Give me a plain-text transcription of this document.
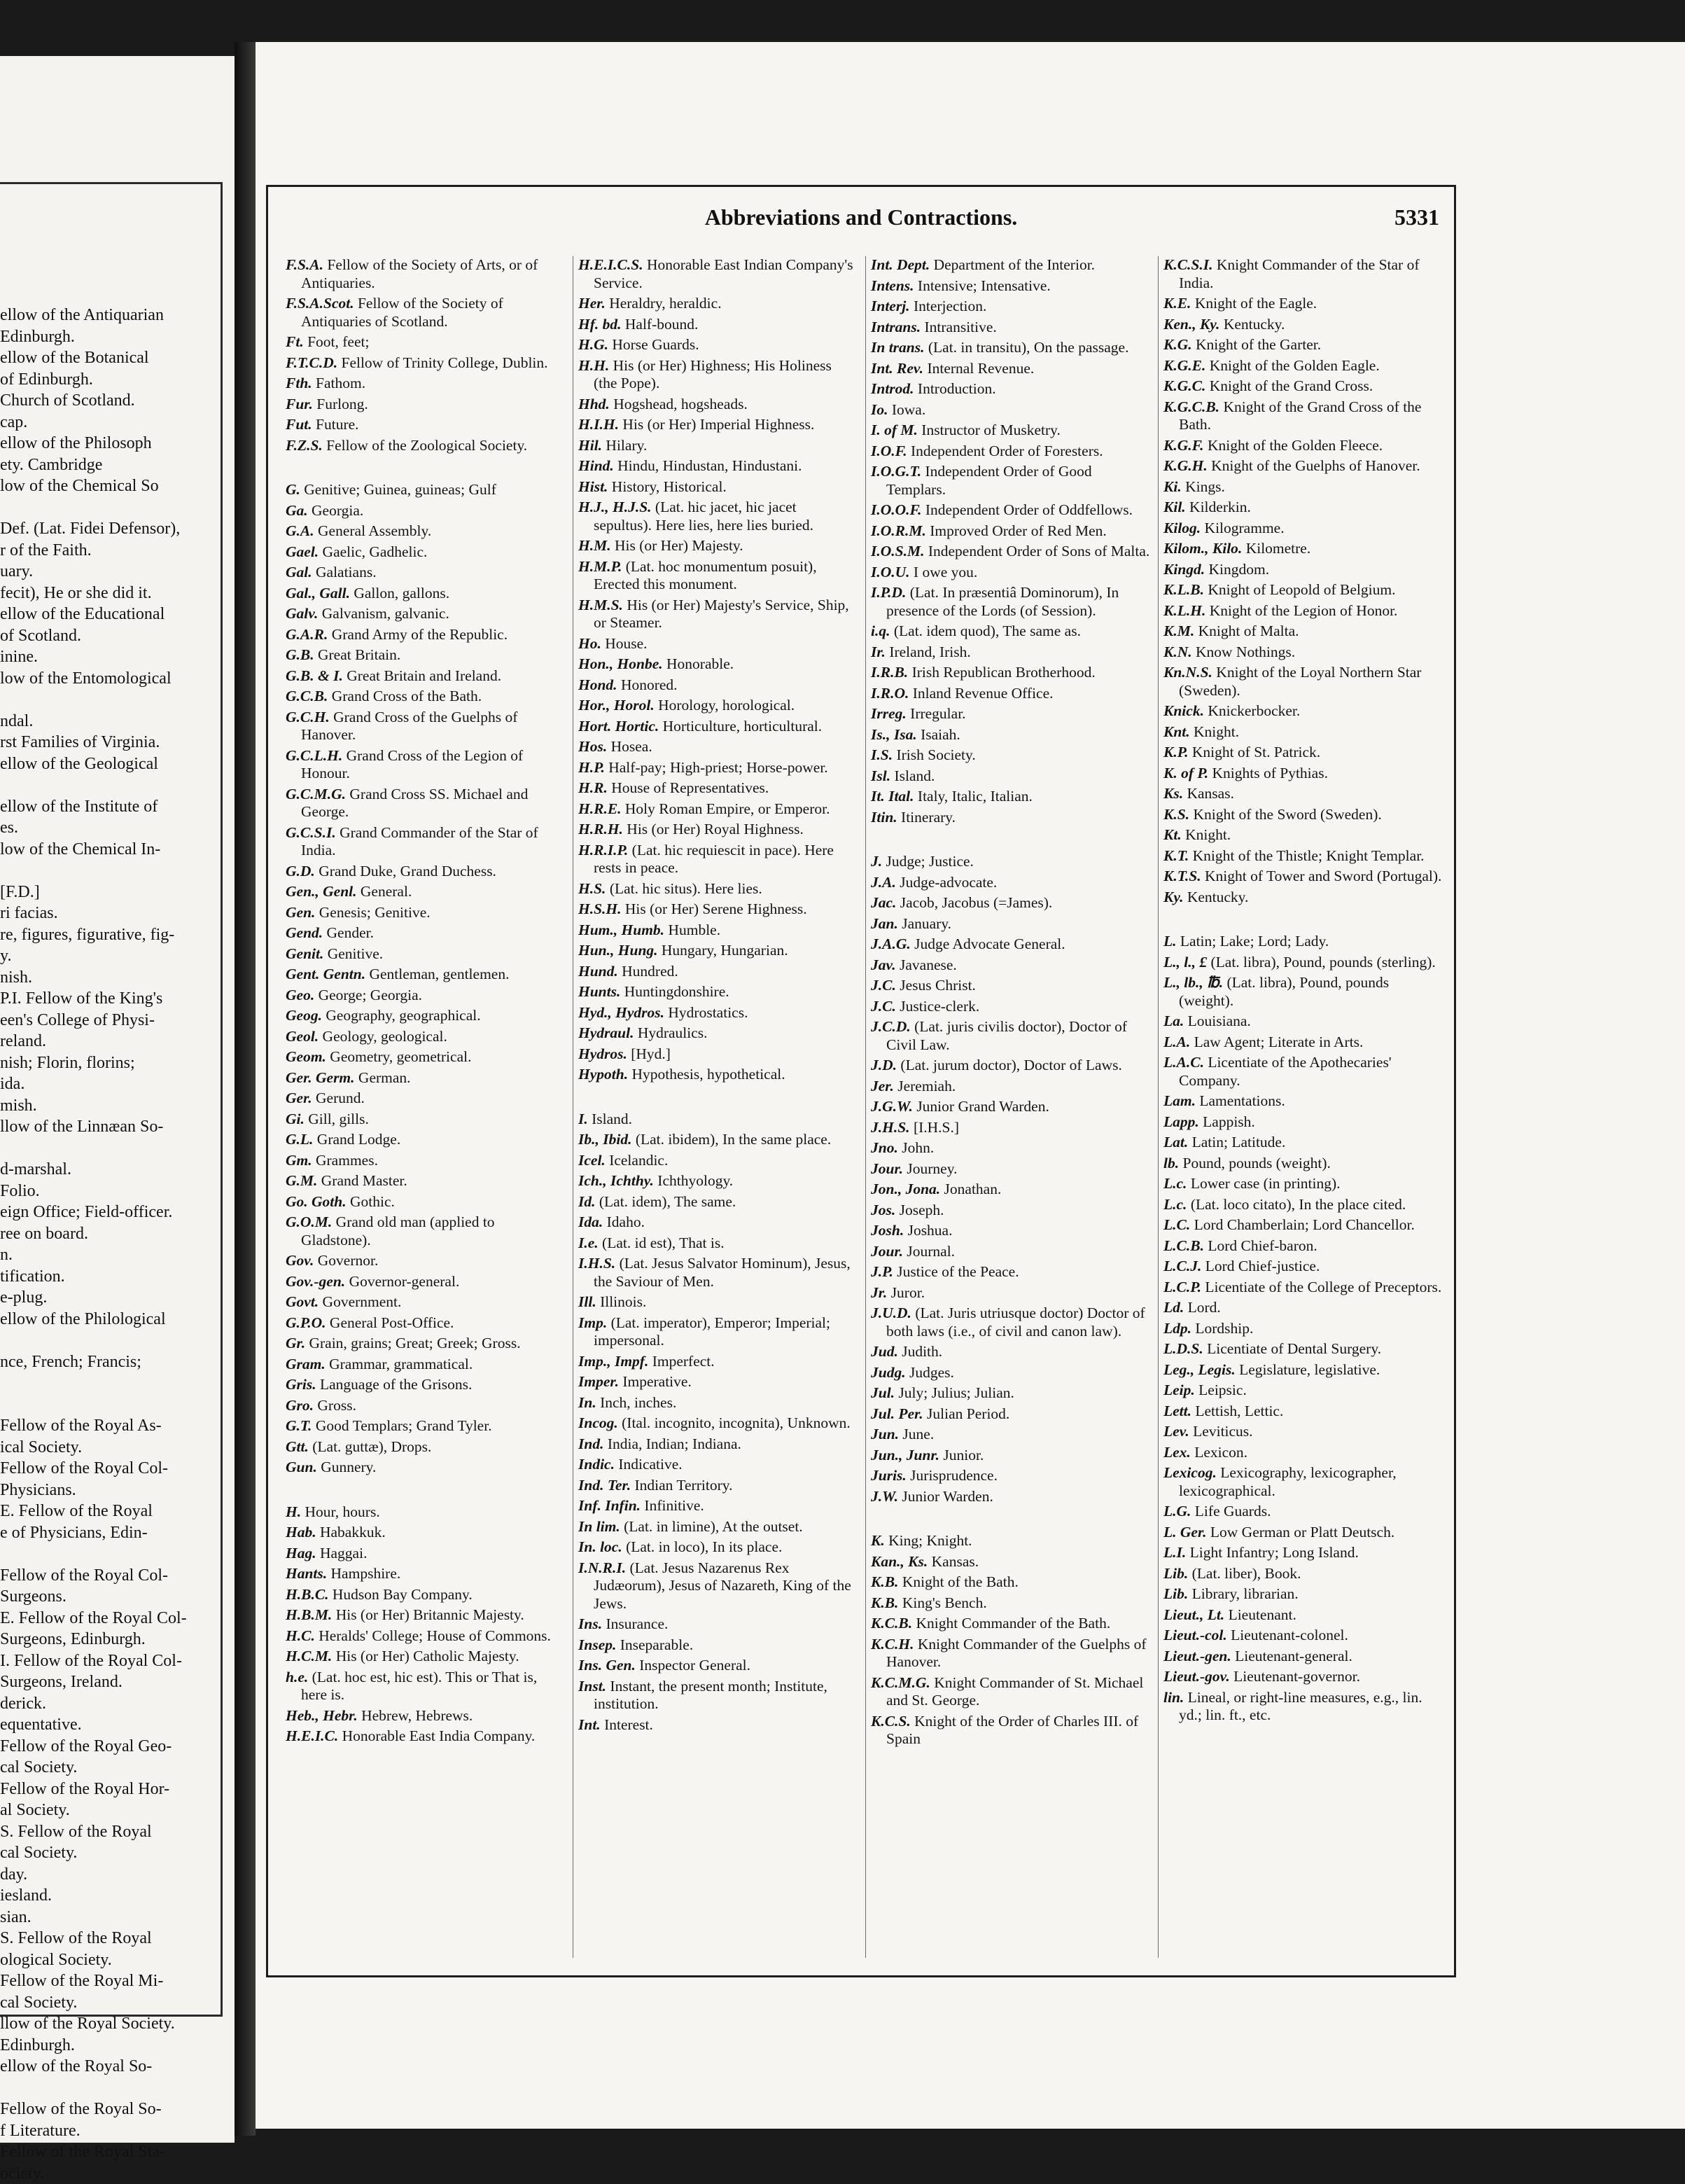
ellow of the Antiquarian
Edinburgh.
ellow of the Botanical
of Edinburgh.
Church of Scotland.
cap.
ellow of the Philosoph
ety. Cambridge
low of the Chemical So

Def. (Lat. Fidei Defensor),
r of the Faith.
uary.
fecit), He or she did it.
ellow of the Educational
of Scotland.
inine.
low of the Entomological

ndal.
rst Families of Virginia.
ellow of the Geological

ellow of the Institute of
es.
low of the Chemical In-

[F.D.]
ri facias.
re, figures, figurative, fig-
y.
nish.
P.I. Fellow of the King's
een's College of Physi-
reland.
nish; Florin, florins;
ida.
mish.
llow of the Linnæan So-

d-marshal.
Folio.
eign Office; Field-officer.
ree on board.
n.
tification.
e-plug.
ellow of the Philological

nce, French; Francis;

Fellow of the Royal As-
ical Society.
Fellow of the Royal Col-
Physicians.
E. Fellow of the Royal
e of Physicians, Edin-

Fellow of the Royal Col-
Surgeons.
E. Fellow of the Royal Col-
Surgeons, Edinburgh.
I. Fellow of the Royal Col-
Surgeons, Ireland.
derick.
equentative.
Fellow of the Royal Geo-
cal Society.
Fellow of the Royal Hor-
al Society.
S. Fellow of the Royal
cal Society.
day.
iesland.
sian.
S. Fellow of the Royal
ological Society.
Fellow of the Royal Mi-
cal Society.
llow of the Royal Society.
Edinburgh.
ellow of the Royal So-

Fellow of the Royal So-
f Literature.
Fellow of the Royal Sta-
ociety.
Abbreviations and Contractions.	5331
F.S.A. Fellow of the Society of Arts, or of Antiquaries.
F.S.A.Scot. Fellow of the Society of Antiquaries of Scotland.
Ft. Foot, feet;
F.T.C.D. Fellow of Trinity College, Dublin.
Fth. Fathom.
Fur. Furlong.
Fut. Future.
F.Z.S. Fellow of the Zoological Society.
G. Genitive; Guinea, guineas; Gulf
Ga. Georgia.
G.A. General Assembly.
Gael. Gaelic, Gadhelic.
Gal. Galatians.
Gal., Gall. Gallon, gallons.
Galv. Galvanism, galvanic.
G.A.R. Grand Army of the Republic.
G.B. Great Britain.
G.B. & I. Great Britain and Ireland.
G.C.B. Grand Cross of the Bath.
G.C.H. Grand Cross of the Guelphs of Hanover.
G.C.L.H. Grand Cross of the Legion of Honour.
G.C.M.G. Grand Cross SS. Michael and George.
G.C.S.I. Grand Commander of the Star of India.
G.D. Grand Duke, Grand Duchess.
Gen., Genl. General.
Gen. Genesis; Genitive.
Gend. Gender.
Genit. Genitive.
Gent. Gentn. Gentleman, gentlemen.
Geo. George; Georgia.
Geog. Geography, geographical.
Geol. Geology, geological.
Geom. Geometry, geometrical.
Ger. Germ. German.
Ger. Gerund.
Gi. Gill, gills.
G.L. Grand Lodge.
Gm. Grammes.
G.M. Grand Master.
Go. Goth. Gothic.
G.O.M. Grand old man (applied to Gladstone).
Gov. Governor.
Gov.-gen. Governor-general.
Govt. Government.
G.P.O. General Post-Office.
Gr. Grain, grains; Great; Greek; Gross.
Gram. Grammar, grammatical.
Gris. Language of the Grisons.
Gro. Gross.
G.T. Good Templars; Grand Tyler.
Gtt. (Lat. guttæ), Drops.
Gun. Gunnery.
H. Hour, hours.
Hab. Habakkuk.
Hag. Haggai.
Hants. Hampshire.
H.B.C. Hudson Bay Company.
H.B.M. His (or Her) Britannic Majesty.
H.C. Heralds' College; House of Commons.
H.C.M. His (or Her) Catholic Majesty.
h.e. (Lat. hoc est, hic est). This or That is, here is.
Heb., Hebr. Hebrew, Hebrews.
H.E.I.C. Honorable East India Company.
H.E.I.C.S. Honorable East Indian Company's Service.
Her. Heraldry, heraldic.
Hf. bd. Half-bound.
H.G. Horse Guards.
H.H. His (or Her) Highness; His Holiness (the Pope).
Hhd. Hogshead, hogsheads.
H.I.H. His (or Her) Imperial Highness.
Hil. Hilary.
Hind. Hindu, Hindustan, Hindustani.
Hist. History, Historical.
H.J., H.J.S. (Lat. hic jacet, hic jacet sepultus). Here lies, here lies buried.
H.M. His (or Her) Majesty.
H.M.P. (Lat. hoc monumentum posuit), Erected this monument.
H.M.S. His (or Her) Majesty's Service, Ship, or Steamer.
Ho. House.
Hon., Honbe. Honorable.
Hond. Honored.
Hor., Horol. Horology, horological.
Hort. Hortic. Horticulture, horticultural.
Hos. Hosea.
H.P. Half-pay; High-priest; Horse-power.
H.R. House of Representatives.
H.R.E. Holy Roman Empire, or Emperor.
H.R.H. His (or Her) Royal Highness.
H.R.I.P. (Lat. hic requiescit in pace). Here rests in peace.
H.S. (Lat. hic situs). Here lies.
H.S.H. His (or Her) Serene Highness.
Hum., Humb. Humble.
Hun., Hung. Hungary, Hungarian.
Hund. Hundred.
Hunts. Huntingdonshire.
Hyd., Hydros. Hydrostatics.
Hydraul. Hydraulics.
Hydros. [Hyd.]
Hypoth. Hypothesis, hypothetical.
I. Island.
Ib., Ibid. (Lat. ibidem), In the same place.
Icel. Icelandic.
Ich., Ichthy. Ichthyology.
Id. (Lat. idem), The same.
Ida. Idaho.
I.e. (Lat. id est), That is.
I.H.S. (Lat. Jesus Salvator Hominum), Jesus, the Saviour of Men.
Ill. Illinois.
Imp. (Lat. imperator), Emperor; Imperial; impersonal.
Imp., Impf. Imperfect.
Imper. Imperative.
In. Inch, inches.
Incog. (Ital. incognito, incognita), Unknown.
Ind. India, Indian; Indiana.
Indic. Indicative.
Ind. Ter. Indian Territory.
Inf. Infin. Infinitive.
In lim. (Lat. in limine), At the outset.
In. loc. (Lat. in loco), In its place.
I.N.R.I. (Lat. Jesus Nazarenus Rex Judæorum), Jesus of Nazareth, King of the Jews.
Ins. Insurance.
Insep. Inseparable.
Ins. Gen. Inspector General.
Inst. Instant, the present month; Institute, institution.
Int. Interest.
Int. Dept. Department of the Interior.
Intens. Intensive; Intensative.
Interj. Interjection.
Intrans. Intransitive.
In trans. (Lat. in transitu), On the passage.
Int. Rev. Internal Revenue.
Introd. Introduction.
Io. Iowa.
I. of M. Instructor of Musketry.
I.O.F. Independent Order of Foresters.
I.O.G.T. Independent Order of Good Templars.
I.O.O.F. Independent Order of Oddfellows.
I.O.R.M. Improved Order of Red Men.
I.O.S.M. Independent Order of Sons of Malta.
I.O.U. I owe you.
I.P.D. (Lat. In præsentiâ Dominorum), In presence of the Lords (of Session).
i.q. (Lat. idem quod), The same as.
Ir. Ireland, Irish.
I.R.B. Irish Republican Brotherhood.
I.R.O. Inland Revenue Office.
Irreg. Irregular.
Is., Isa. Isaiah.
I.S. Irish Society.
Isl. Island.
It. Ital. Italy, Italic, Italian.
Itin. Itinerary.
J. Judge; Justice.
J.A. Judge-advocate.
Jac. Jacob, Jacobus (=James).
Jan. January.
J.A.G. Judge Advocate General.
Jav. Javanese.
J.C. Jesus Christ.
J.C. Justice-clerk.
J.C.D. (Lat. juris civilis doctor), Doctor of Civil Law.
J.D. (Lat. jurum doctor), Doctor of Laws.
Jer. Jeremiah.
J.G.W. Junior Grand Warden.
J.H.S. [I.H.S.]
Jno. John.
Jour. Journey.
Jon., Jona. Jonathan.
Jos. Joseph.
Josh. Joshua.
Jour. Journal.
J.P. Justice of the Peace.
Jr. Juror.
J.U.D. (Lat. Juris utriusque doctor) Doctor of both laws (i.e., of civil and canon law).
Jud. Judith.
Judg. Judges.
Jul. July; Julius; Julian.
Jul. Per. Julian Period.
Jun. June.
Jun., Junr. Junior.
Juris. Jurisprudence.
J.W. Junior Warden.
K. King; Knight.
Kan., Ks. Kansas.
K.B. Knight of the Bath.
K.B. King's Bench.
K.C.B. Knight Commander of the Bath.
K.C.H. Knight Commander of the Guelphs of Hanover.
K.C.M.G. Knight Commander of St. Michael and St. George.
K.C.S. Knight of the Order of Charles III. of Spain
K.C.S.I. Knight Commander of the Star of India.
K.E. Knight of the Eagle.
Ken., Ky. Kentucky.
K.G. Knight of the Garter.
K.G.E. Knight of the Golden Eagle.
K.G.C. Knight of the Grand Cross.
K.G.C.B. Knight of the Grand Cross of the Bath.
K.G.F. Knight of the Golden Fleece.
K.G.H. Knight of the Guelphs of Hanover.
Ki. Kings.
Kil. Kilderkin.
Kilog. Kilogramme.
Kilom., Kilo. Kilometre.
Kingd. Kingdom.
K.L.B. Knight of Leopold of Belgium.
K.L.H. Knight of the Legion of Honor.
K.M. Knight of Malta.
K.N. Know Nothings.
Kn.N.S. Knight of the Loyal Northern Star (Sweden).
Knick. Knickerbocker.
Knt. Knight.
K.P. Knight of St. Patrick.
K. of P. Knights of Pythias.
Ks. Kansas.
K.S. Knight of the Sword (Sweden).
Kt. Knight.
K.T. Knight of the Thistle; Knight Templar.
K.T.S. Knight of Tower and Sword (Portugal).
Ky. Kentucky.
L. Latin; Lake; Lord; Lady.
L., l., £ (Lat. libra), Pound, pounds (sterling).
L., lb., ℔. (Lat. libra), Pound, pounds (weight).
La. Louisiana.
L.A. Law Agent; Literate in Arts.
L.A.C. Licentiate of the Apothecaries' Company.
Lam. Lamentations.
Lapp. Lappish.
Lat. Latin; Latitude.
lb. Pound, pounds (weight).
L.c. Lower case (in printing).
L.c. (Lat. loco citato), In the place cited.
L.C. Lord Chamberlain; Lord Chancellor.
L.C.B. Lord Chief-baron.
L.C.J. Lord Chief-justice.
L.C.P. Licentiate of the College of Preceptors.
Ld. Lord.
Ldp. Lordship.
L.D.S. Licentiate of Dental Surgery.
Leg., Legis. Legislature, legislative.
Leip. Leipsic.
Lett. Lettish, Lettic.
Lev. Leviticus.
Lex. Lexicon.
Lexicog. Lexicography, lexicographer, lexicographical.
L.G. Life Guards.
L. Ger. Low German or Platt Deutsch.
L.I. Light Infantry; Long Island.
Lib. (Lat. liber), Book.
Lib. Library, librarian.
Lieut., Lt. Lieutenant.
Lieut.-col. Lieutenant-colonel.
Lieut.-gen. Lieutenant-general.
Lieut.-gov. Lieutenant-governor.
lin. Lineal, or right-line measures, e.g., lin. yd.; lin. ft., etc.
